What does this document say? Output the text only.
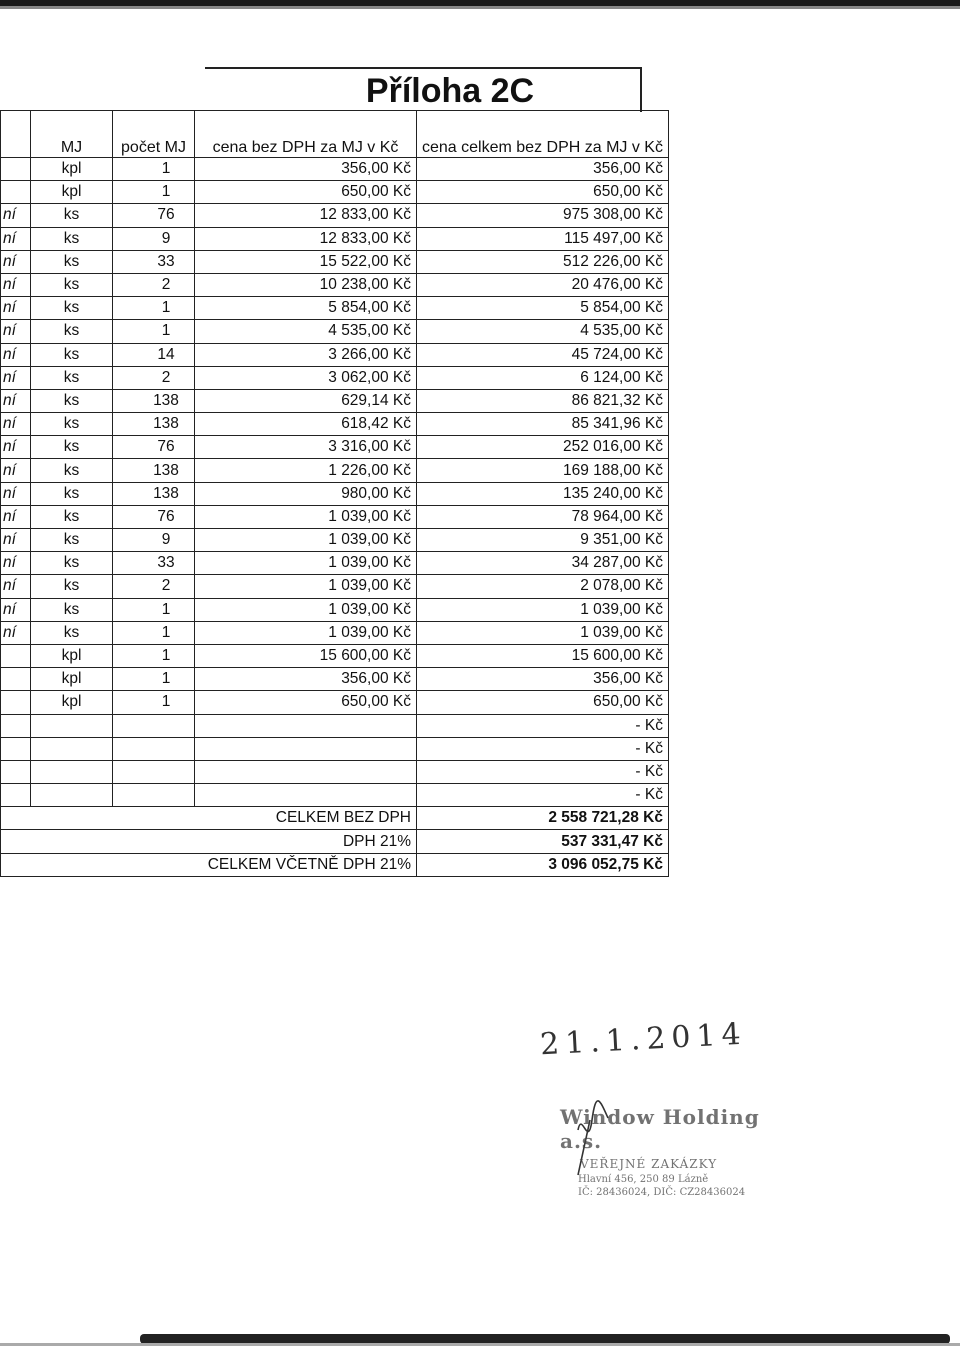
Příloha 2C
	MJ	počet MJ	cena bez DPH za MJ v Kč	cena celkem bez DPH za MJ v Kč
	kpl	1	356,00 Kč	356,00 Kč
	kpl	1	650,00 Kč	650,00 Kč
ní	ks	76	12 833,00 Kč	975 308,00 Kč
ní	ks	9	12 833,00 Kč	115 497,00 Kč
ní	ks	33	15 522,00 Kč	512 226,00 Kč
ní	ks	2	10 238,00 Kč	20 476,00 Kč
ní	ks	1	5 854,00 Kč	5 854,00 Kč
ní	ks	1	4 535,00 Kč	4 535,00 Kč
ní	ks	14	3 266,00 Kč	45 724,00 Kč
ní	ks	2	3 062,00 Kč	6 124,00 Kč
ní	ks	138	629,14 Kč	86 821,32 Kč
ní	ks	138	618,42 Kč	85 341,96 Kč
ní	ks	76	3 316,00 Kč	252 016,00 Kč
ní	ks	138	1 226,00 Kč	169 188,00 Kč
ní	ks	138	980,00 Kč	135 240,00 Kč
ní	ks	76	1 039,00 Kč	78 964,00 Kč
ní	ks	9	1 039,00 Kč	9 351,00 Kč
ní	ks	33	1 039,00 Kč	34 287,00 Kč
ní	ks	2	1 039,00 Kč	2 078,00 Kč
ní	ks	1	1 039,00 Kč	1 039,00 Kč
ní	ks	1	1 039,00 Kč	1 039,00 Kč
	kpl	1	15 600,00 Kč	15 600,00 Kč
	kpl	1	356,00 Kč	356,00 Kč
	kpl	1	650,00 Kč	650,00 Kč
				- Kč
				- Kč
				- Kč
				- Kč
			CELKEM BEZ DPH	2 558 721,28 Kč
			DPH 21%	537 331,47 Kč
			CELKEM VČETNĚ DPH 21%	3 096 052,75 Kč
21.1.2014
Window Holding a.s.
VEŘEJNÉ ZAKÁZKY
Hlavní 456, 250 89 Lázně
IČ: 28436024, DIČ: CZ28436024
